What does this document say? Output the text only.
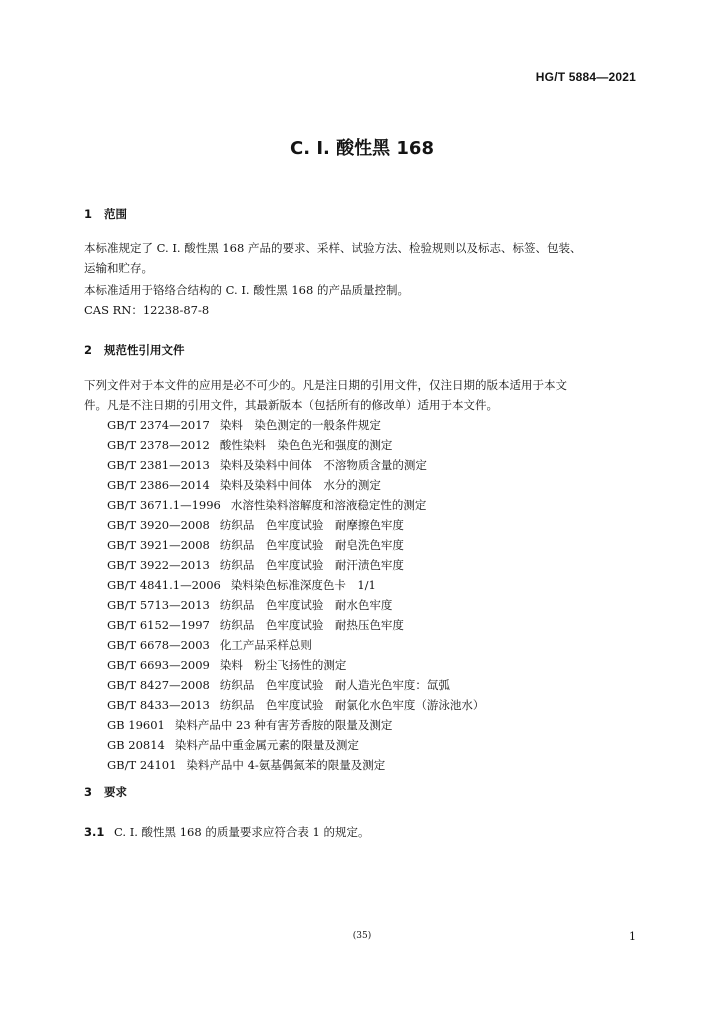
HG/T 5884—2021
C. I. 酸性黑 168
1 范围
本标准规定了 C. I. 酸性黑 168 产品的要求、采样、试验方法、检验规则以及标志、标签、包装、
运输和贮存。
本标准适用于铬络合结构的 C. I. 酸性黑 168 的产品质量控制。
CAS RN：12238-87-8
2 规范性引用文件
下列文件对于本文件的应用是必不可少的。凡是注日期的引用文件，仅注日期的版本适用于本文
件。凡是不注日期的引用文件，其最新版本（包括所有的修改单）适用于本文件。
GB/T 2374—2017 染料　染色测定的一般条件规定
GB/T 2378—2012 酸性染料　染色色光和强度的测定
GB/T 2381—2013 染料及染料中间体　不溶物质含量的测定
GB/T 2386—2014 染料及染料中间体　水分的测定
GB/T 3671.1—1996 水溶性染料溶解度和溶液稳定性的测定
GB/T 3920—2008 纺织品　色牢度试验　耐摩擦色牢度
GB/T 3921—2008 纺织品　色牢度试验　耐皂洗色牢度
GB/T 3922—2013 纺织品　色牢度试验　耐汗渍色牢度
GB/T 4841.1—2006 染料染色标准深度色卡　1/1
GB/T 5713—2013 纺织品　色牢度试验　耐水色牢度
GB/T 6152—1997 纺织品　色牢度试验　耐热压色牢度
GB/T 6678—2003 化工产品采样总则
GB/T 6693—2009 染料　粉尘飞扬性的测定
GB/T 8427—2008 纺织品　色牢度试验　耐人造光色牢度：氙弧
GB/T 8433—2013 纺织品　色牢度试验　耐氯化水色牢度（游泳池水）
GB 19601 染料产品中 23 种有害芳香胺的限量及测定
GB 20814 染料产品中重金属元素的限量及测定
GB/T 24101 染料产品中 4-氨基偶氮苯的限量及测定
3 要求
3.1 C. I. 酸性黑 168 的质量要求应符合表 1 的规定。
(35)	1
